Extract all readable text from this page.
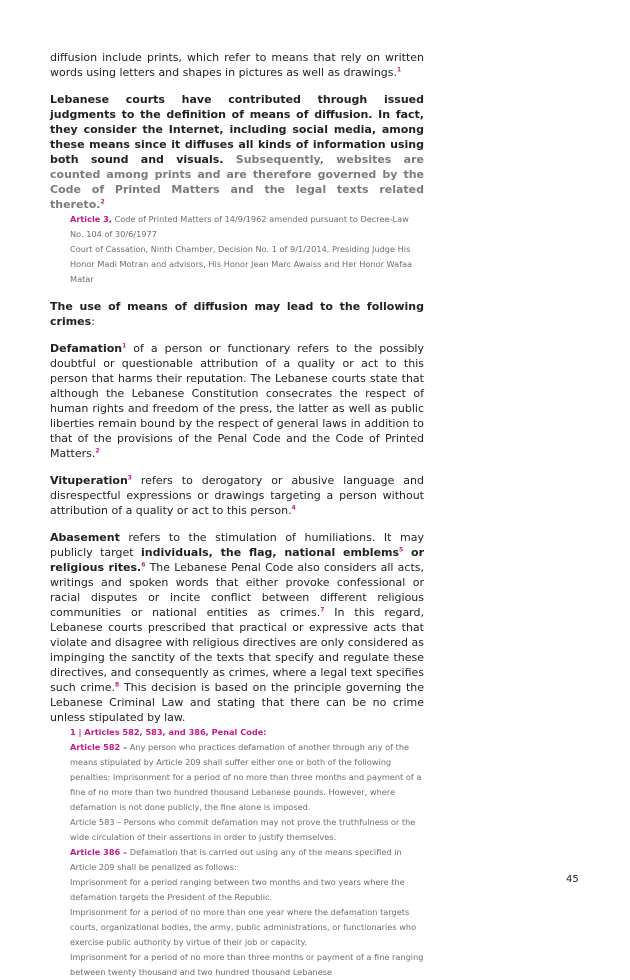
diffusion include prints, which refer to means that rely on written words using letters and shapes in pictures as well as drawings.$^1$

Lebanese courts have contributed through issued judgments to the definition of means of diffusion. In fact, they consider the Internet, including social media, among these means since it diffuses all kinds of information using both sound and visuals. Subsequently, websites are counted among prints and are therefore governed by the Code of Printed Matters and the legal texts related thereto.$^2$

Article 3, Code of Printed Matters of 14/9/1962 amended pursuant to Decree-Law No. 104 of 30/6/1977

Court of Cassation, Ninth Chamber, Decision No. 1 of 9/1/2014, Presiding Judge His Honor Madi Motran and advisors, His Honor Jean Marc Awaiss and Her Honor Wafaa Matar

The use of means of diffusion may lead to the following crimes:

Defamation$^1$ of a person or functionary refers to the possibly doubtful or questionable attribution of a quality or act to this person that harms their reputation. The Lebanese courts state that although the Lebanese Constitution consecrates the respect of human rights and freedom of the press, the latter as well as public liberties remain bound by the respect of general laws in addition to that of the provisions of the Penal Code and the Code of Printed Matters.$^2$

Vituperation$^3$ refers to derogatory or abusive language and disrespectful expressions or drawings targeting a person without attribution of a quality or act to this person.$^4$

Abasement refers to the stimulation of humiliations. It may publicly target individuals, the flag, national emblems$^5$ or religious rites.$^6$ The Lebanese Penal Code also considers all acts, writings and spoken words that either provoke confessional or racial disputes or incite conflict between different religious communities or national entities as crimes.$^7$ In this regard, Lebanese courts prescribed that practical or expressive acts that violate and disagree with religious directives are only considered as impinging the sanctity of the texts that specify and regulate these directives, and consequently as crimes, where a legal text specifies such crime.$^8$ This decision is based on the principle governing the Lebanese Criminal Law and stating that there can be no crime unless stipulated by law.

1 | Articles 582, 583, and 386, Penal Code:

Article 582 – Any person who practices defamation of another through any of the means stipulated by Article 209 shall suffer either one or both of the following penalties: Imprisonment for a period of no more than three months and payment of a fine of no more than two hundred thousand Lebanese pounds. However, where defamation is not done publicly, the fine alone is imposed.

Article 583 – Persons who commit defamation may not prove the truthfulness or the wide circulation of their assertions in order to justify themselves.

Article 386 – Defamation that is carried out using any of the means specified in Article 209 shall be penalized as follows:

Imprisonment for a period ranging between two months and two years where the defamation targets the President of the Republic.

Imprisonment for a period of no more than one year where the defamation targets courts, organizational bodies, the army, public administrations, or functionaries who exercise public authority by virtue of their job or capacity.

Imprisonment for a period of no more than three months or payment of a fine ranging between twenty thousand and two hundred thousand Lebanese

45
